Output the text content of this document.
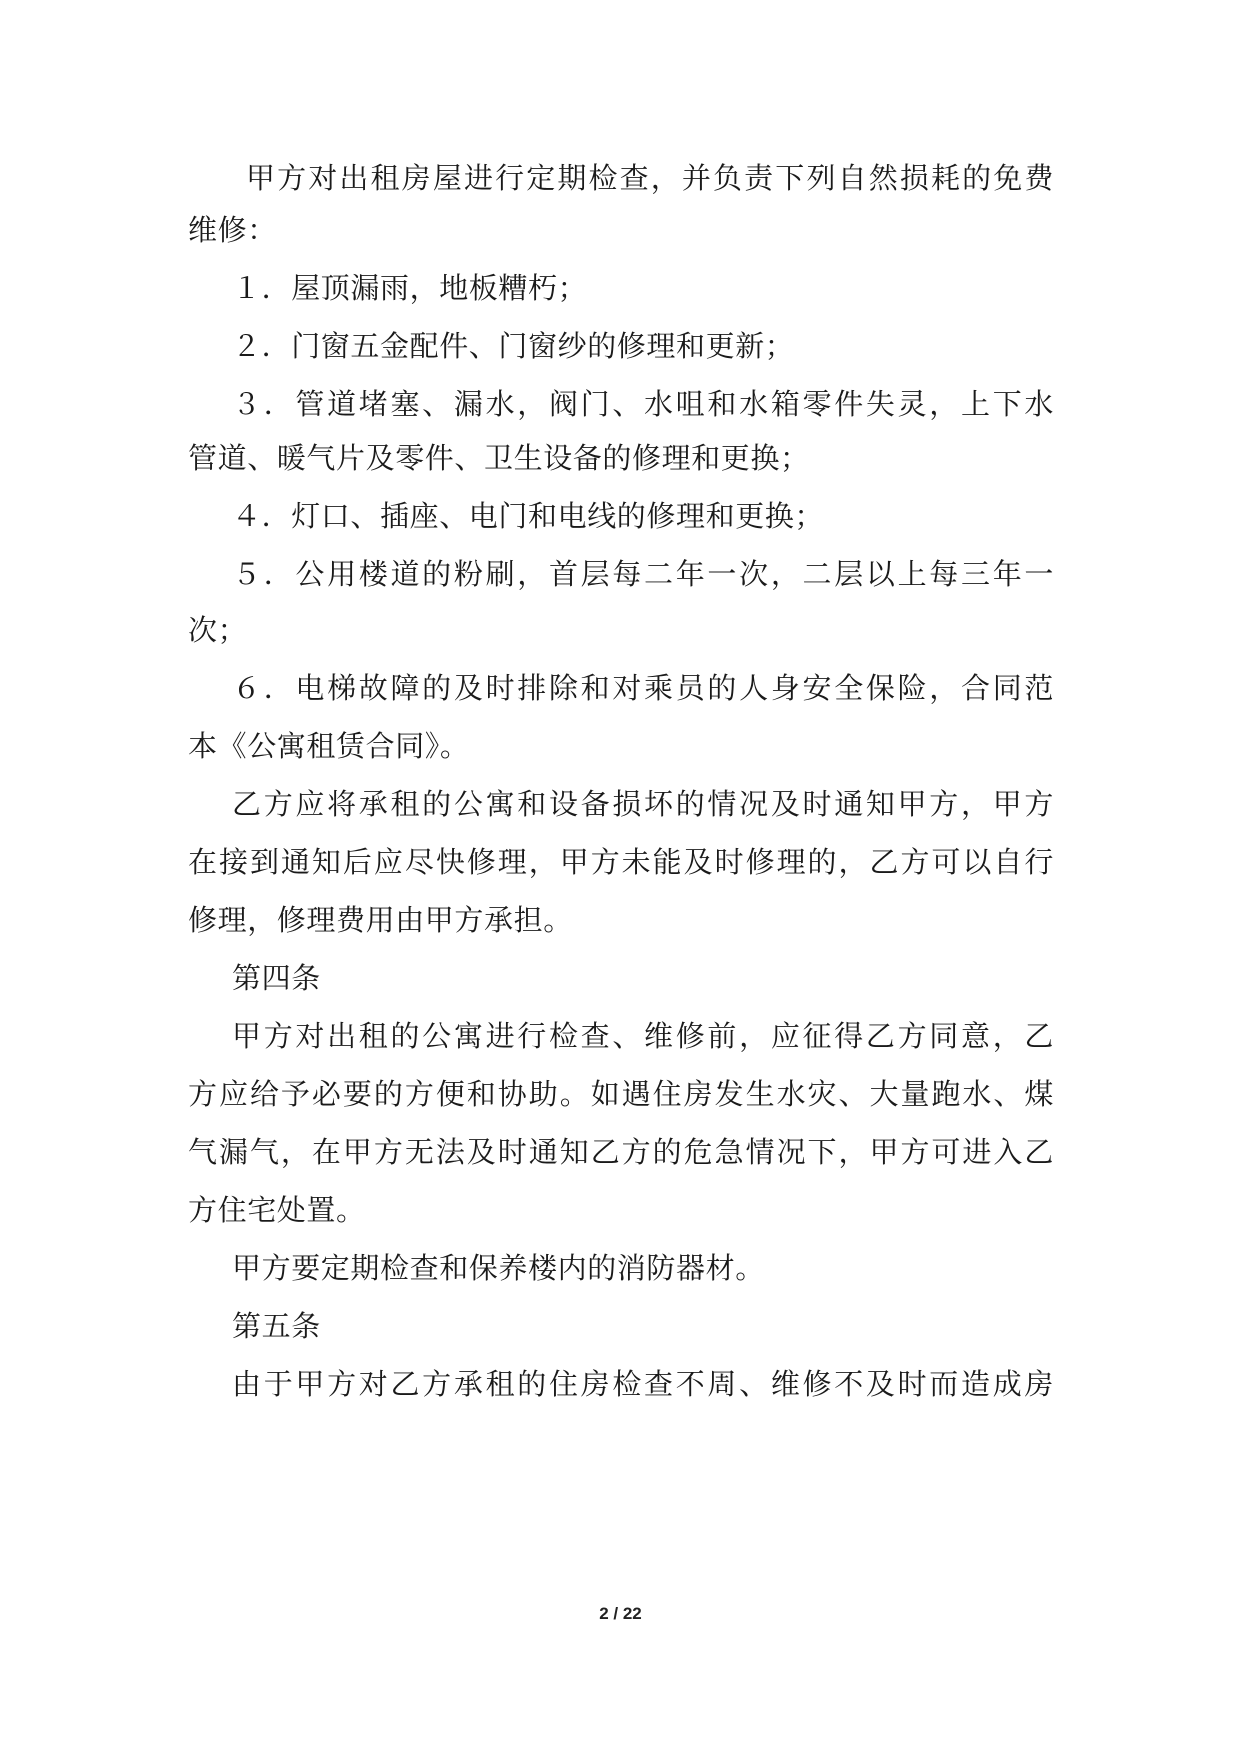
甲方对出租房屋进行定期检查，并负责下列自然损耗的免费
维修：
１．屋顶漏雨，地板糟朽；
２．门窗五金配件、门窗纱的修理和更新；
３．管道堵塞、漏水，阀门、水咀和水箱零件失灵，上下水
管道、暖气片及零件、卫生设备的修理和更换；
４．灯口、插座、电门和电线的修理和更换；
５．公用楼道的粉刷，首层每二年一次，二层以上每三年一
次；
６．电梯故障的及时排除和对乘员的人身安全保险，合同范
本《公寓租赁合同》。
乙方应将承租的公寓和设备损坏的情况及时通知甲方，甲方
在接到通知后应尽快修理，甲方未能及时修理的，乙方可以自行
修理，修理费用由甲方承担。
第四条
甲方对出租的公寓进行检查、维修前，应征得乙方同意，乙
方应给予必要的方便和协助。如遇住房发生水灾、大量跑水、煤
气漏气，在甲方无法及时通知乙方的危急情况下，甲方可进入乙
方住宅处置。
甲方要定期检查和保养楼内的消防器材。
第五条
由于甲方对乙方承租的住房检查不周、维修不及时而造成房
2 / 22
